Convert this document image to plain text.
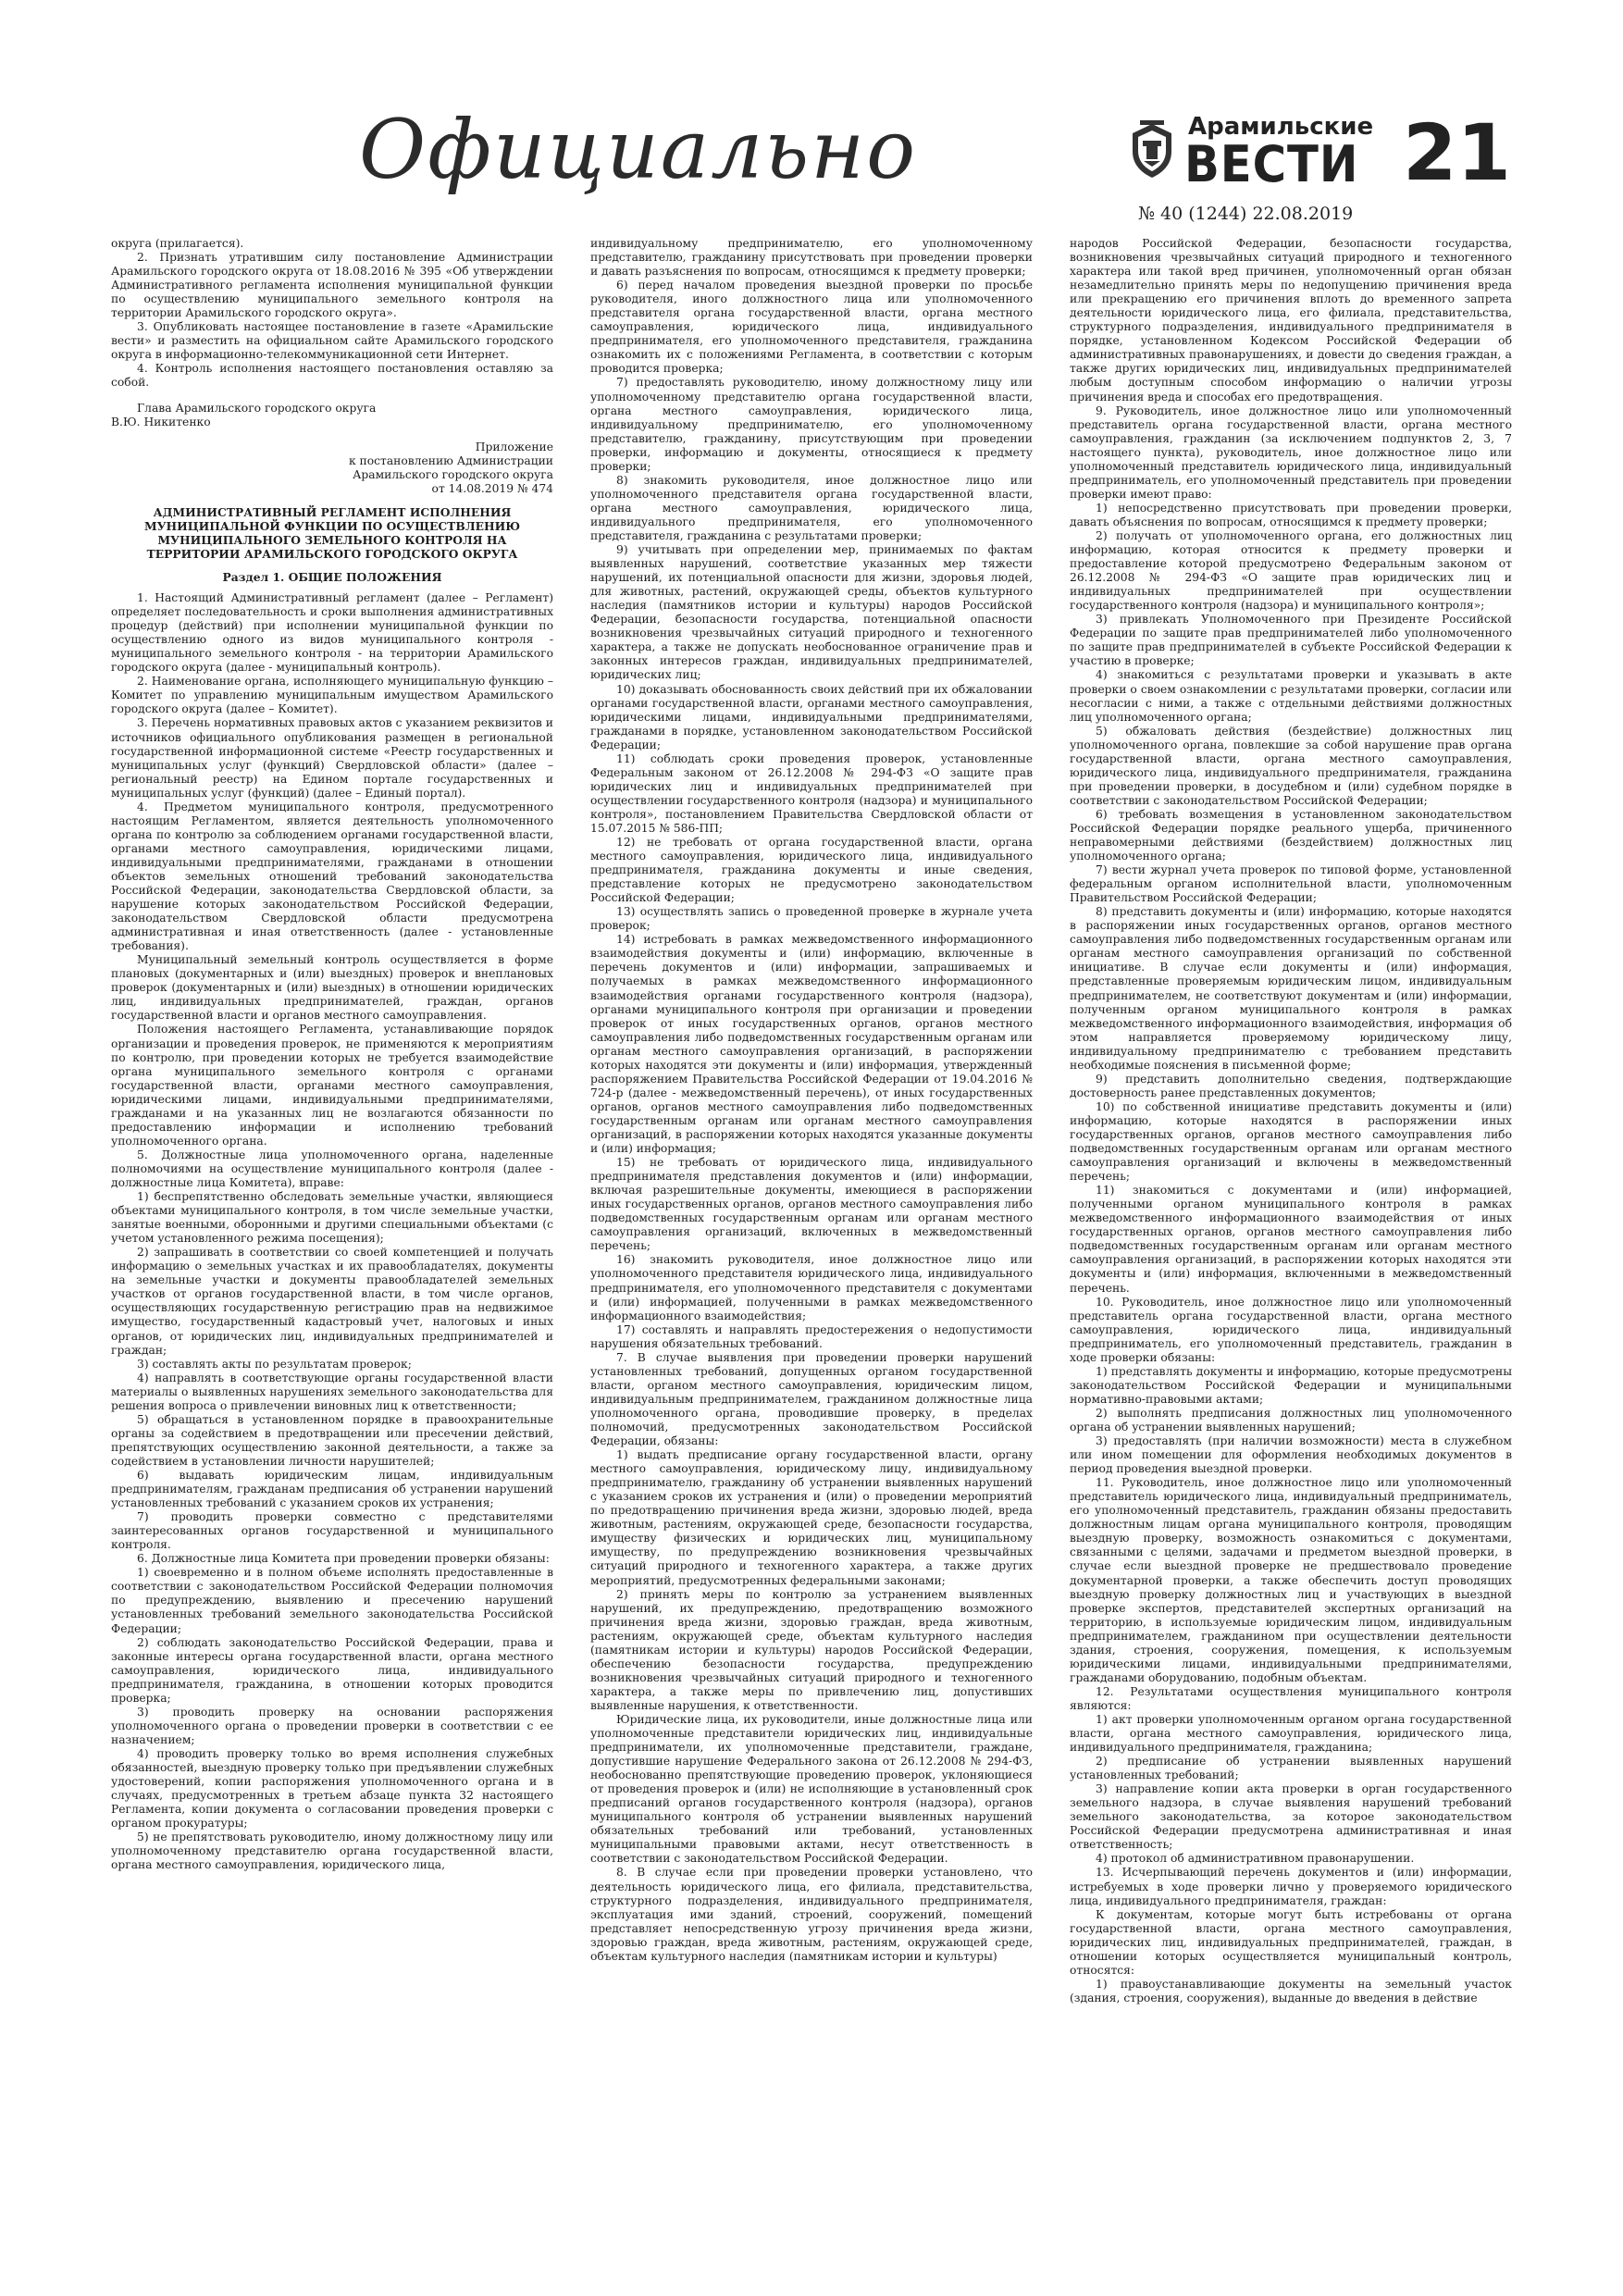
Официально	Арамильские
ВЕСТИ
№ 40 (1244) 22.08.2019
21

округа (прилагается).

2. Признать утратившим силу постановление Администрации Арамильского городского округа от 18.08.2016 № 395 «Об утверждении Административного регламента исполнения муниципальной функции по осуществлению муниципального земельного контроля на территории Арамильского городского округа».

3. Опубликовать настоящее постановление в газете «Арамильские вести» и разместить на официальном сайте Арамильского городского округа в информационно-телекоммуникационной сети Интернет.

4. Контроль исполнения настоящего постановления оставляю за собой.

Глава Арамильского городского округа

В.Ю. Никитенко

Приложение

к постановлению Администрации

Арамильского городского округа

от 14.08.2019 № 474

АДМИНИСТРАТИВНЫЙ РЕГЛАМЕНТ ИСПОЛНЕНИЯ МУНИЦИПАЛЬНОЙ ФУНКЦИИ ПО ОСУЩЕСТВЛЕНИЮ МУНИЦИПАЛЬНОГО ЗЕМЕЛЬНОГО КОНТРОЛЯ НА ТЕРРИТОРИИ АРАМИЛЬСКОГО ГОРОДСКОГО ОКРУГА

Раздел 1. ОБЩИЕ ПОЛОЖЕНИЯ

1. Настоящий Административный регламент (далее – Регламент) определяет последовательность и сроки выполнения административных процедур (действий) при исполнении муниципальной функции по осуществлению одного из видов муниципального контроля - муниципального земельного контроля - на территории Арамильского городского округа (далее - муниципальный контроль).

2. Наименование органа, исполняющего муниципальную функцию – Комитет по управлению муниципальным имуществом Арамильского городского округа (далее – Комитет).

3. Перечень нормативных правовых актов с указанием реквизитов и источников официального опубликования размещен в региональной государственной информационной системе «Реестр государственных и муниципальных услуг (функций) Свердловской области» (далее – региональный реестр) на Едином портале государственных и муниципальных услуг (функций) (далее – Единый портал).

4. Предметом муниципального контроля, предусмотренного настоящим Регламентом, является деятельность уполномоченного органа по контролю за соблюдением органами государственной власти, органами местного самоуправления, юридическими лицами, индивидуальными предпринимателями, гражданами в отношении объектов земельных отношений требований законодательства Российской Федерации, законодательства Свердловской области, за нарушение которых законодательством Российской Федерации, законодательством Свердловской области предусмотрена административная и иная ответственность (далее - установленные требования).

Муниципальный земельный контроль осуществляется в форме плановых (документарных и (или) выездных) проверок и внеплановых проверок (документарных и (или) выездных) в отношении юридических лиц, индивидуальных предпринимателей, граждан, органов государственной власти и органов местного самоуправления.

Положения настоящего Регламента, устанавливающие порядок организации и проведения проверок, не применяются к мероприятиям по контролю, при проведении которых не требуется взаимодействие органа муниципального земельного контроля с органами государственной власти, органами местного самоуправления, юридическими лицами, индивидуальными предпринимателями, гражданами и на указанных лиц не возлагаются обязанности по предоставлению информации и исполнению требований уполномоченного органа.

5. Должностные лица уполномоченного органа, наделенные полномочиями на осуществление муниципального контроля (далее - должностные лица Комитета), вправе:

1) беспрепятственно обследовать земельные участки, являющиеся объектами муниципального контроля, в том числе земельные участки, занятые военными, оборонными и другими специальными объектами (с учетом установленного режима посещения);

2) запрашивать в соответствии со своей компетенцией и получать информацию о земельных участках и их правообладателях, документы на земельные участки и документы правообладателей земельных участков от органов государственной власти, в том числе органов, осуществляющих государственную регистрацию прав на недвижимое имущество, государственный кадастровый учет, налоговых и иных органов, от юридических лиц, индивидуальных предпринимателей и граждан;

3) составлять акты по результатам проверок;

4) направлять в соответствующие органы государственной власти материалы о выявленных нарушениях земельного законодательства для решения вопроса о привлечении виновных лиц к ответственности;

5) обращаться в установленном порядке в правоохранительные органы за содействием в предотвращении или пресечении действий, препятствующих осуществлению законной деятельности, а также за содействием в установлении личности нарушителей;

6) выдавать юридическим лицам, индивидуальным предпринимателям, гражданам предписания об устранении нарушений установленных требований с указанием сроков их устранения;

7) проводить проверки совместно с представителями заинтересованных органов государственной и муниципального контроля.

6. Должностные лица Комитета при проведении проверки обязаны:

1) своевременно и в полном объеме исполнять предоставленные в соответствии с законодательством Российской Федерации полномочия по предупреждению, выявлению и пресечению нарушений установленных требований земельного законодательства Российской Федерации;

2) соблюдать законодательство Российской Федерации, права и законные интересы органа государственной власти, органа местного самоуправления, юридического лица, индивидуального предпринимателя, гражданина, в отношении которых проводится проверка;

3) проводить проверку на основании распоряжения уполномоченного органа о проведении проверки в соответствии с ее назначением;

4) проводить проверку только во время исполнения служебных обязанностей, выездную проверку только при предъявлении служебных удостоверений, копии распоряжения уполномоченного органа и в случаях, предусмотренных в третьем абзаце пункта 32 настоящего Регламента, копии документа о согласовании проведения проверки с органом прокуратуры;

5) не препятствовать руководителю, иному должностному лицу или уполномоченному представителю органа государственной власти, органа местного самоуправления, юридического лица,

индивидуальному предпринимателю, его уполномоченному представителю, гражданину присутствовать при проведении проверки и давать разъяснения по вопросам, относящимся к предмету проверки;

6) перед началом проведения выездной проверки по просьбе руководителя, иного должностного лица или уполномоченного представителя органа государственной власти, органа местного самоуправления, юридического лица, индивидуального предпринимателя, его уполномоченного представителя, гражданина ознакомить их с положениями Регламента, в соответствии с которым проводится проверка;

7) предоставлять руководителю, иному должностному лицу или уполномоченному представителю органа государственной власти, органа местного самоуправления, юридического лица, индивидуальному предпринимателю, его уполномоченному представителю, гражданину, присутствующим при проведении проверки, информацию и документы, относящиеся к предмету проверки;

8) знакомить руководителя, иное должностное лицо или уполномоченного представителя органа государственной власти, органа местного самоуправления, юридического лица, индивидуального предпринимателя, его уполномоченного представителя, гражданина с результатами проверки;

9) учитывать при определении мер, принимаемых по фактам выявленных нарушений, соответствие указанных мер тяжести нарушений, их потенциальной опасности для жизни, здоровья людей, для животных, растений, окружающей среды, объектов культурного наследия (памятников истории и культуры) народов Российской Федерации, безопасности государства, потенциальной опасности возникновения чрезвычайных ситуаций природного и техногенного характера, а также не допускать необоснованное ограничение прав и законных интересов граждан, индивидуальных предпринимателей, юридических лиц;

10) доказывать обоснованность своих действий при их обжаловании органами государственной власти, органами местного самоуправления, юридическими лицами, индивидуальными предпринимателями, гражданами в порядке, установленном законодательством Российской Федерации;

11) соблюдать сроки проведения проверок, установленные Федеральным законом от 26.12.2008 № 294-ФЗ «О защите прав юридических лиц и индивидуальных предпринимателей при осуществлении государственного контроля (надзора) и муниципального контроля», постановлением Правительства Свердловской области от 15.07.2015 № 586-ПП;

12) не требовать от органа государственной власти, органа местного самоуправления, юридического лица, индивидуального предпринимателя, гражданина документы и иные сведения, представление которых не предусмотрено законодательством Российской Федерации;

13) осуществлять запись о проведенной проверке в журнале учета проверок;

14) истребовать в рамках межведомственного информационного взаимодействия документы и (или) информацию, включенные в перечень документов и (или) информации, запрашиваемых и получаемых в рамках межведомственного информационного взаимодействия органами государственного контроля (надзора), органами муниципального контроля при организации и проведении проверок от иных государственных органов, органов местного самоуправления либо подведомственных государственным органам или органам местного самоуправления организаций, в распоряжении которых находятся эти документы и (или) информация, утвержденный распоряжением Правительства Российской Федерации от 19.04.2016 № 724-р (далее - межведомственный перечень), от иных государственных органов, органов местного самоуправления либо подведомственных государственным органам или органам местного самоуправления организаций, в распоряжении которых находятся указанные документы и (или) информация;

15) не требовать от юридического лица, индивидуального предпринимателя представления документов и (или) информации, включая разрешительные документы, имеющиеся в распоряжении иных государственных органов, органов местного самоуправления либо подведомственных государственным органам или органам местного самоуправления организаций, включенных в межведомственный перечень;

16) знакомить руководителя, иное должностное лицо или уполномоченного представителя юридического лица, индивидуального предпринимателя, его уполномоченного представителя с документами и (или) информацией, полученными в рамках межведомственного информационного взаимодействия;

17) составлять и направлять предостережения о недопустимости нарушения обязательных требований.

7. В случае выявления при проведении проверки нарушений установленных требований, допущенных органом государственной власти, органом местного самоуправления, юридическим лицом, индивидуальным предпринимателем, гражданином должностные лица уполномоченного органа, проводившие проверку, в пределах полномочий, предусмотренных законодательством Российской Федерации, обязаны:

1) выдать предписание органу государственной власти, органу местного самоуправления, юридическому лицу, индивидуальному предпринимателю, гражданину об устранении выявленных нарушений с указанием сроков их устранения и (или) о проведении мероприятий по предотвращению причинения вреда жизни, здоровью людей, вреда животным, растениям, окружающей среде, безопасности государства, имуществу физических и юридических лиц, муниципальному имуществу, по предупреждению возникновения чрезвычайных ситуаций природного и техногенного характера, а также других мероприятий, предусмотренных федеральными законами;

2) принять меры по контролю за устранением выявленных нарушений, их предупреждению, предотвращению возможного причинения вреда жизни, здоровью граждан, вреда животным, растениям, окружающей среде, объектам культурного наследия (памятникам истории и культуры) народов Российской Федерации, обеспечению безопасности государства, предупреждению возникновения чрезвычайных ситуаций природного и техногенного характера, а также меры по привлечению лиц, допустивших выявленные нарушения, к ответственности.

Юридические лица, их руководители, иные должностные лица или уполномоченные представители юридических лиц, индивидуальные предприниматели, их уполномоченные представители, граждане, допустившие нарушение Федерального закона от 26.12.2008 № 294-ФЗ, необоснованно препятствующие проведению проверок, уклоняющиеся от проведения проверок и (или) не исполняющие в установленный срок предписаний органов государственного контроля (надзора), органов муниципального контроля об устранении выявленных нарушений обязательных требований или требований, установленных муниципальными правовыми актами, несут ответственность в соответствии с законодательством Российской Федерации.

8. В случае если при проведении проверки установлено, что деятельность юридического лица, его филиала, представительства, структурного подразделения, индивидуального предпринимателя, эксплуатация ими зданий, строений, сооружений, помещений представляет непосредственную угрозу причинения вреда жизни, здоровью граждан, вреда животным, растениям, окружающей среде, объектам культурного наследия (памятникам истории и культуры)

народов Российской Федерации, безопасности государства, возникновения чрезвычайных ситуаций природного и техногенного характера или такой вред причинен, уполномоченный орган обязан незамедлительно принять меры по недопущению причинения вреда или прекращению его причинения вплоть до временного запрета деятельности юридического лица, его филиала, представительства, структурного подразделения, индивидуального предпринимателя в порядке, установленном Кодексом Российской Федерации об административных правонарушениях, и довести до сведения граждан, а также других юридических лиц, индивидуальных предпринимателей любым доступным способом информацию о наличии угрозы причинения вреда и способах его предотвращения.

9. Руководитель, иное должностное лицо или уполномоченный представитель органа государственной власти, органа местного самоуправления, гражданин (за исключением подпунктов 2, 3, 7 настоящего пункта), руководитель, иное должностное лицо или уполномоченный представитель юридического лица, индивидуальный предприниматель, его уполномоченный представитель при проведении проверки имеют право:

1) непосредственно присутствовать при проведении проверки, давать объяснения по вопросам, относящимся к предмету проверки;

2) получать от уполномоченного органа, его должностных лиц информацию, которая относится к предмету проверки и предоставление которой предусмотрено Федеральным законом от 26.12.2008 № 294-ФЗ «О защите прав юридических лиц и индивидуальных предпринимателей при осуществлении государственного контроля (надзора) и муниципального контроля»;

3) привлекать Уполномоченного при Президенте Российской Федерации по защите прав предпринимателей либо уполномоченного по защите прав предпринимателей в субъекте Российской Федерации к участию в проверке;

4) знакомиться с результатами проверки и указывать в акте проверки о своем ознакомлении с результатами проверки, согласии или несогласии с ними, а также с отдельными действиями должностных лиц уполномоченного органа;

5) обжаловать действия (бездействие) должностных лиц уполномоченного органа, повлекшие за собой нарушение прав органа государственной власти, органа местного самоуправления, юридического лица, индивидуального предпринимателя, гражданина при проведении проверки, в досудебном и (или) судебном порядке в соответствии с законодательством Российской Федерации;

6) требовать возмещения в установленном законодательством Российской Федерации порядке реального ущерба, причиненного неправомерными действиями (бездействием) должностных лиц уполномоченного органа;

7) вести журнал учета проверок по типовой форме, установленной федеральным органом исполнительной власти, уполномоченным Правительством Российской Федерации;

8) представить документы и (или) информацию, которые находятся в распоряжении иных государственных органов, органов местного самоуправления либо подведомственных государственным органам или органам местного самоуправления организаций по собственной инициативе. В случае если документы и (или) информация, представленные проверяемым юридическим лицом, индивидуальным предпринимателем, не соответствуют документам и (или) информации, полученным органом муниципального контроля в рамках межведомственного информационного взаимодействия, информация об этом направляется проверяемому юридическому лицу, индивидуальному предпринимателю с требованием представить необходимые пояснения в письменной форме;

9) представить дополнительно сведения, подтверждающие достоверность ранее представленных документов;

10) по собственной инициативе представить документы и (или) информацию, которые находятся в распоряжении иных государственных органов, органов местного самоуправления либо подведомственных государственным органам или органам местного самоуправления организаций и включены в межведомственный перечень;

11) знакомиться с документами и (или) информацией, полученными органом муниципального контроля в рамках межведомственного информационного взаимодействия от иных государственных органов, органов местного самоуправления либо подведомственных государственным органам или органам местного самоуправления организаций, в распоряжении которых находятся эти документы и (или) информация, включенными в межведомственный перечень.

10. Руководитель, иное должностное лицо или уполномоченный представитель органа государственной власти, органа местного самоуправления, юридического лица, индивидуальный предприниматель, его уполномоченный представитель, гражданин в ходе проверки обязаны:

1) представлять документы и информацию, которые предусмотрены законодательством Российской Федерации и муниципальными нормативно-правовыми актами;

2) выполнять предписания должностных лиц уполномоченного органа об устранении выявленных нарушений;

3) предоставлять (при наличии возможности) места в служебном или ином помещении для оформления необходимых документов в период проведения выездной проверки.

11. Руководитель, иное должностное лицо или уполномоченный представитель юридического лица, индивидуальный предприниматель, его уполномоченный представитель, гражданин обязаны предоставить должностным лицам органа муниципального контроля, проводящим выездную проверку, возможность ознакомиться с документами, связанными с целями, задачами и предметом выездной проверки, в случае если выездной проверке не предшествовало проведение документарной проверки, а также обеспечить доступ проводящих выездную проверку должностных лиц и участвующих в выездной проверке экспертов, представителей экспертных организаций на территорию, в используемые юридическим лицом, индивидуальным предпринимателем, гражданином при осуществлении деятельности здания, строения, сооружения, помещения, к используемым юридическими лицами, индивидуальными предпринимателями, гражданами оборудованию, подобным объектам.

12. Результатами осуществления муниципального контроля являются:

1) акт проверки уполномоченным органом органа государственной власти, органа местного самоуправления, юридического лица, индивидуального предпринимателя, гражданина;

2) предписание об устранении выявленных нарушений установленных требований;

3) направление копии акта проверки в орган государственного земельного надзора, в случае выявления нарушений требований земельного законодательства, за которое законодательством Российской Федерации предусмотрена административная и иная ответственность;

4) протокол об административном правонарушении.

13. Исчерпывающий перечень документов и (или) информации, истребуемых в ходе проверки лично у проверяемого юридического лица, индивидуального предпринимателя, граждан:

К документам, которые могут быть истребованы от органа государственной власти, органа местного самоуправления, юридических лиц, индивидуальных предпринимателей, граждан, в отношении которых осуществляется муниципальный контроль, относятся:

1) правоустанавливающие документы на земельный участок (здания, строения, сооружения), выданные до введения в действие
